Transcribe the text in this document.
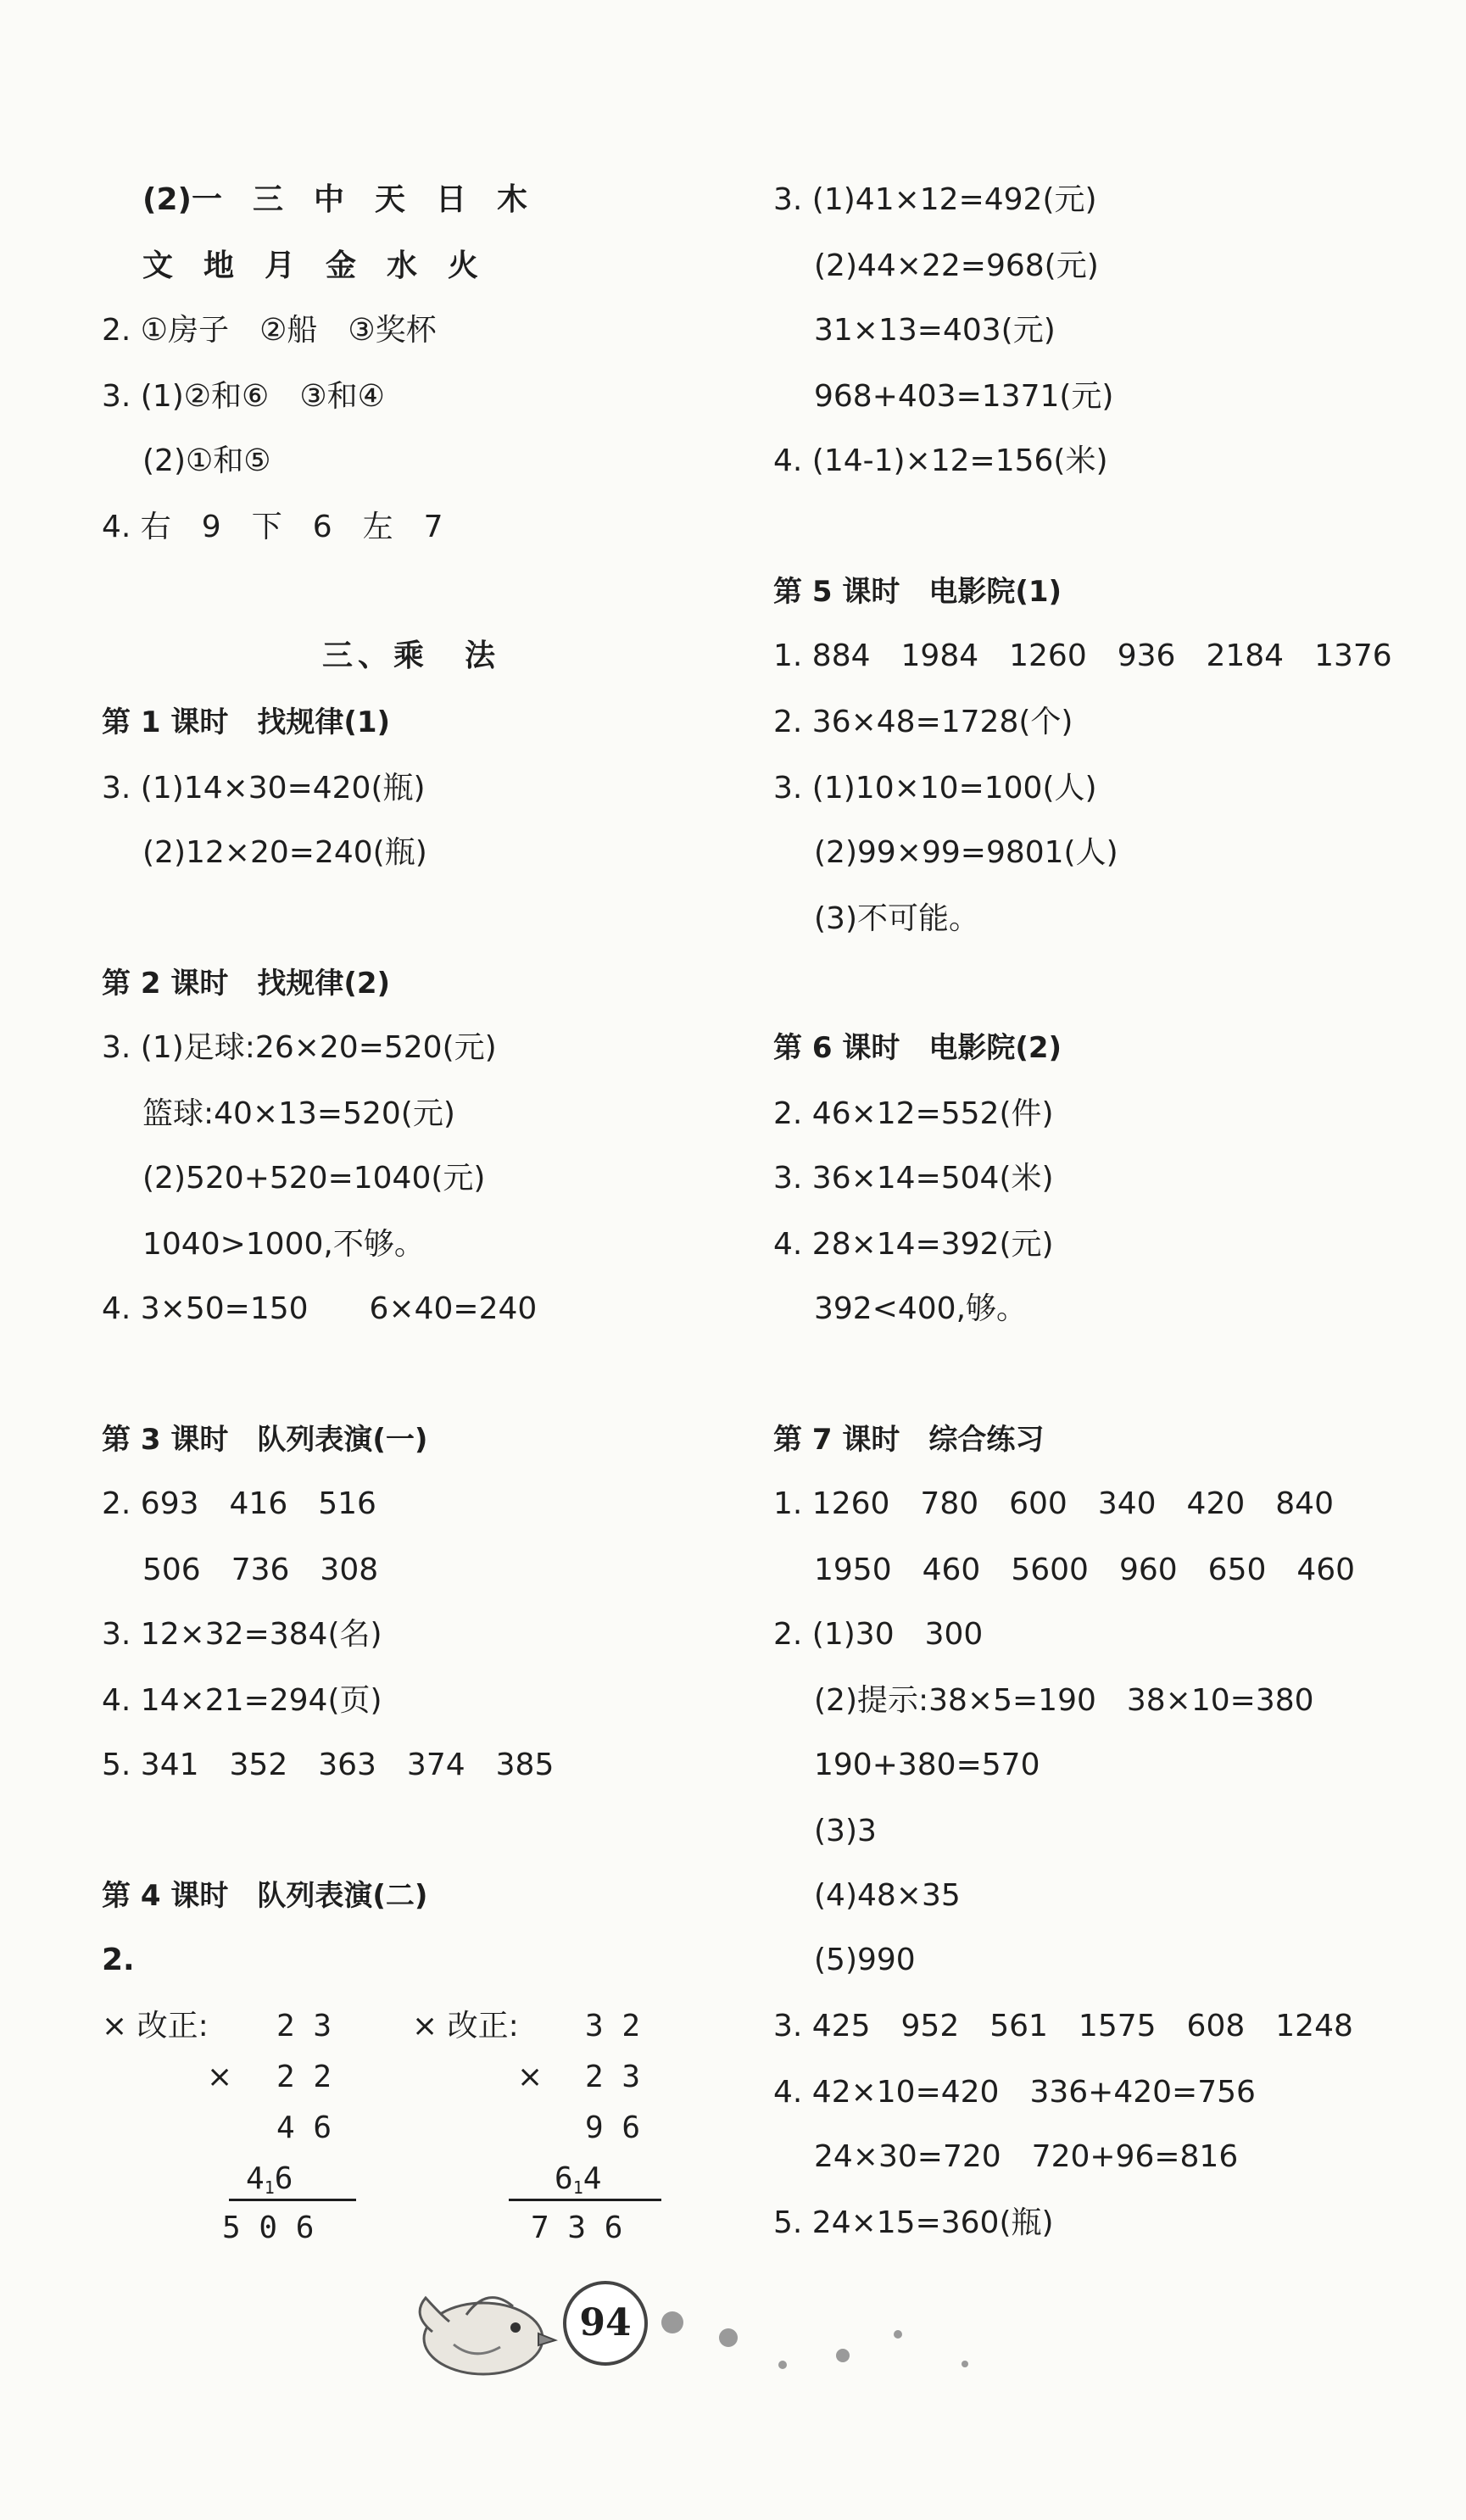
(2)一　三　中　天　日　木
文　地　月　金　水　火
2. ①房子　②船　③奖杯
3. (1)②和⑥　③和④
(2)①和⑤
4. 右　9　下　6　左　7
三、乘　法
第 1 课时　找规律(1)
3. (1)14×30=420(瓶)
(2)12×20=240(瓶)
第 2 课时　找规律(2)
3. (1)足球:26×20=520(元)
篮球:40×13=520(元)
(2)520+520=1040(元)
1040>1000,不够。
4. 3×50=150　　6×40=240
第 3 课时　队列表演(一)
2. 693　416　516
506　736　308
3. 12×32=384(名)
4. 14×21=294(页)
5. 341　352　363　374　385
第 4 课时　队列表演(二)
2.
× 改正: 2 3
× 2 2
4 6
$4_16$
5 0 6
× 改正: 3 2
× 2 3
9 6
$6_14$
7 3 6
3. (1)41×12=492(元)
(2)44×22=968(元)
31×13=403(元)
968+403=1371(元)
4. (14-1)×12=156(米)
第 5 课时　电影院(1)
1. 884　1984　1260　936　2184　1376
2. 36×48=1728(个)
3. (1)10×10=100(人)
(2)99×99=9801(人)
(3)不可能。
第 6 课时　电影院(2)
2. 46×12=552(件)
3. 36×14=504(米)
4. 28×14=392(元)
392<400,够。
第 7 课时　综合练习
1. 1260　780　600　340　420　840
1950　460　5600　960　650　460
2. (1)30　300
(2)提示:38×5=190　38×10=380
190+380=570
(3)3
(4)48×35
(5)990
3. 425　952　561　1575　608　1248
4. 42×10=420　336+420=756
24×30=720　720+96=816
5. 24×15=360(瓶)
94
